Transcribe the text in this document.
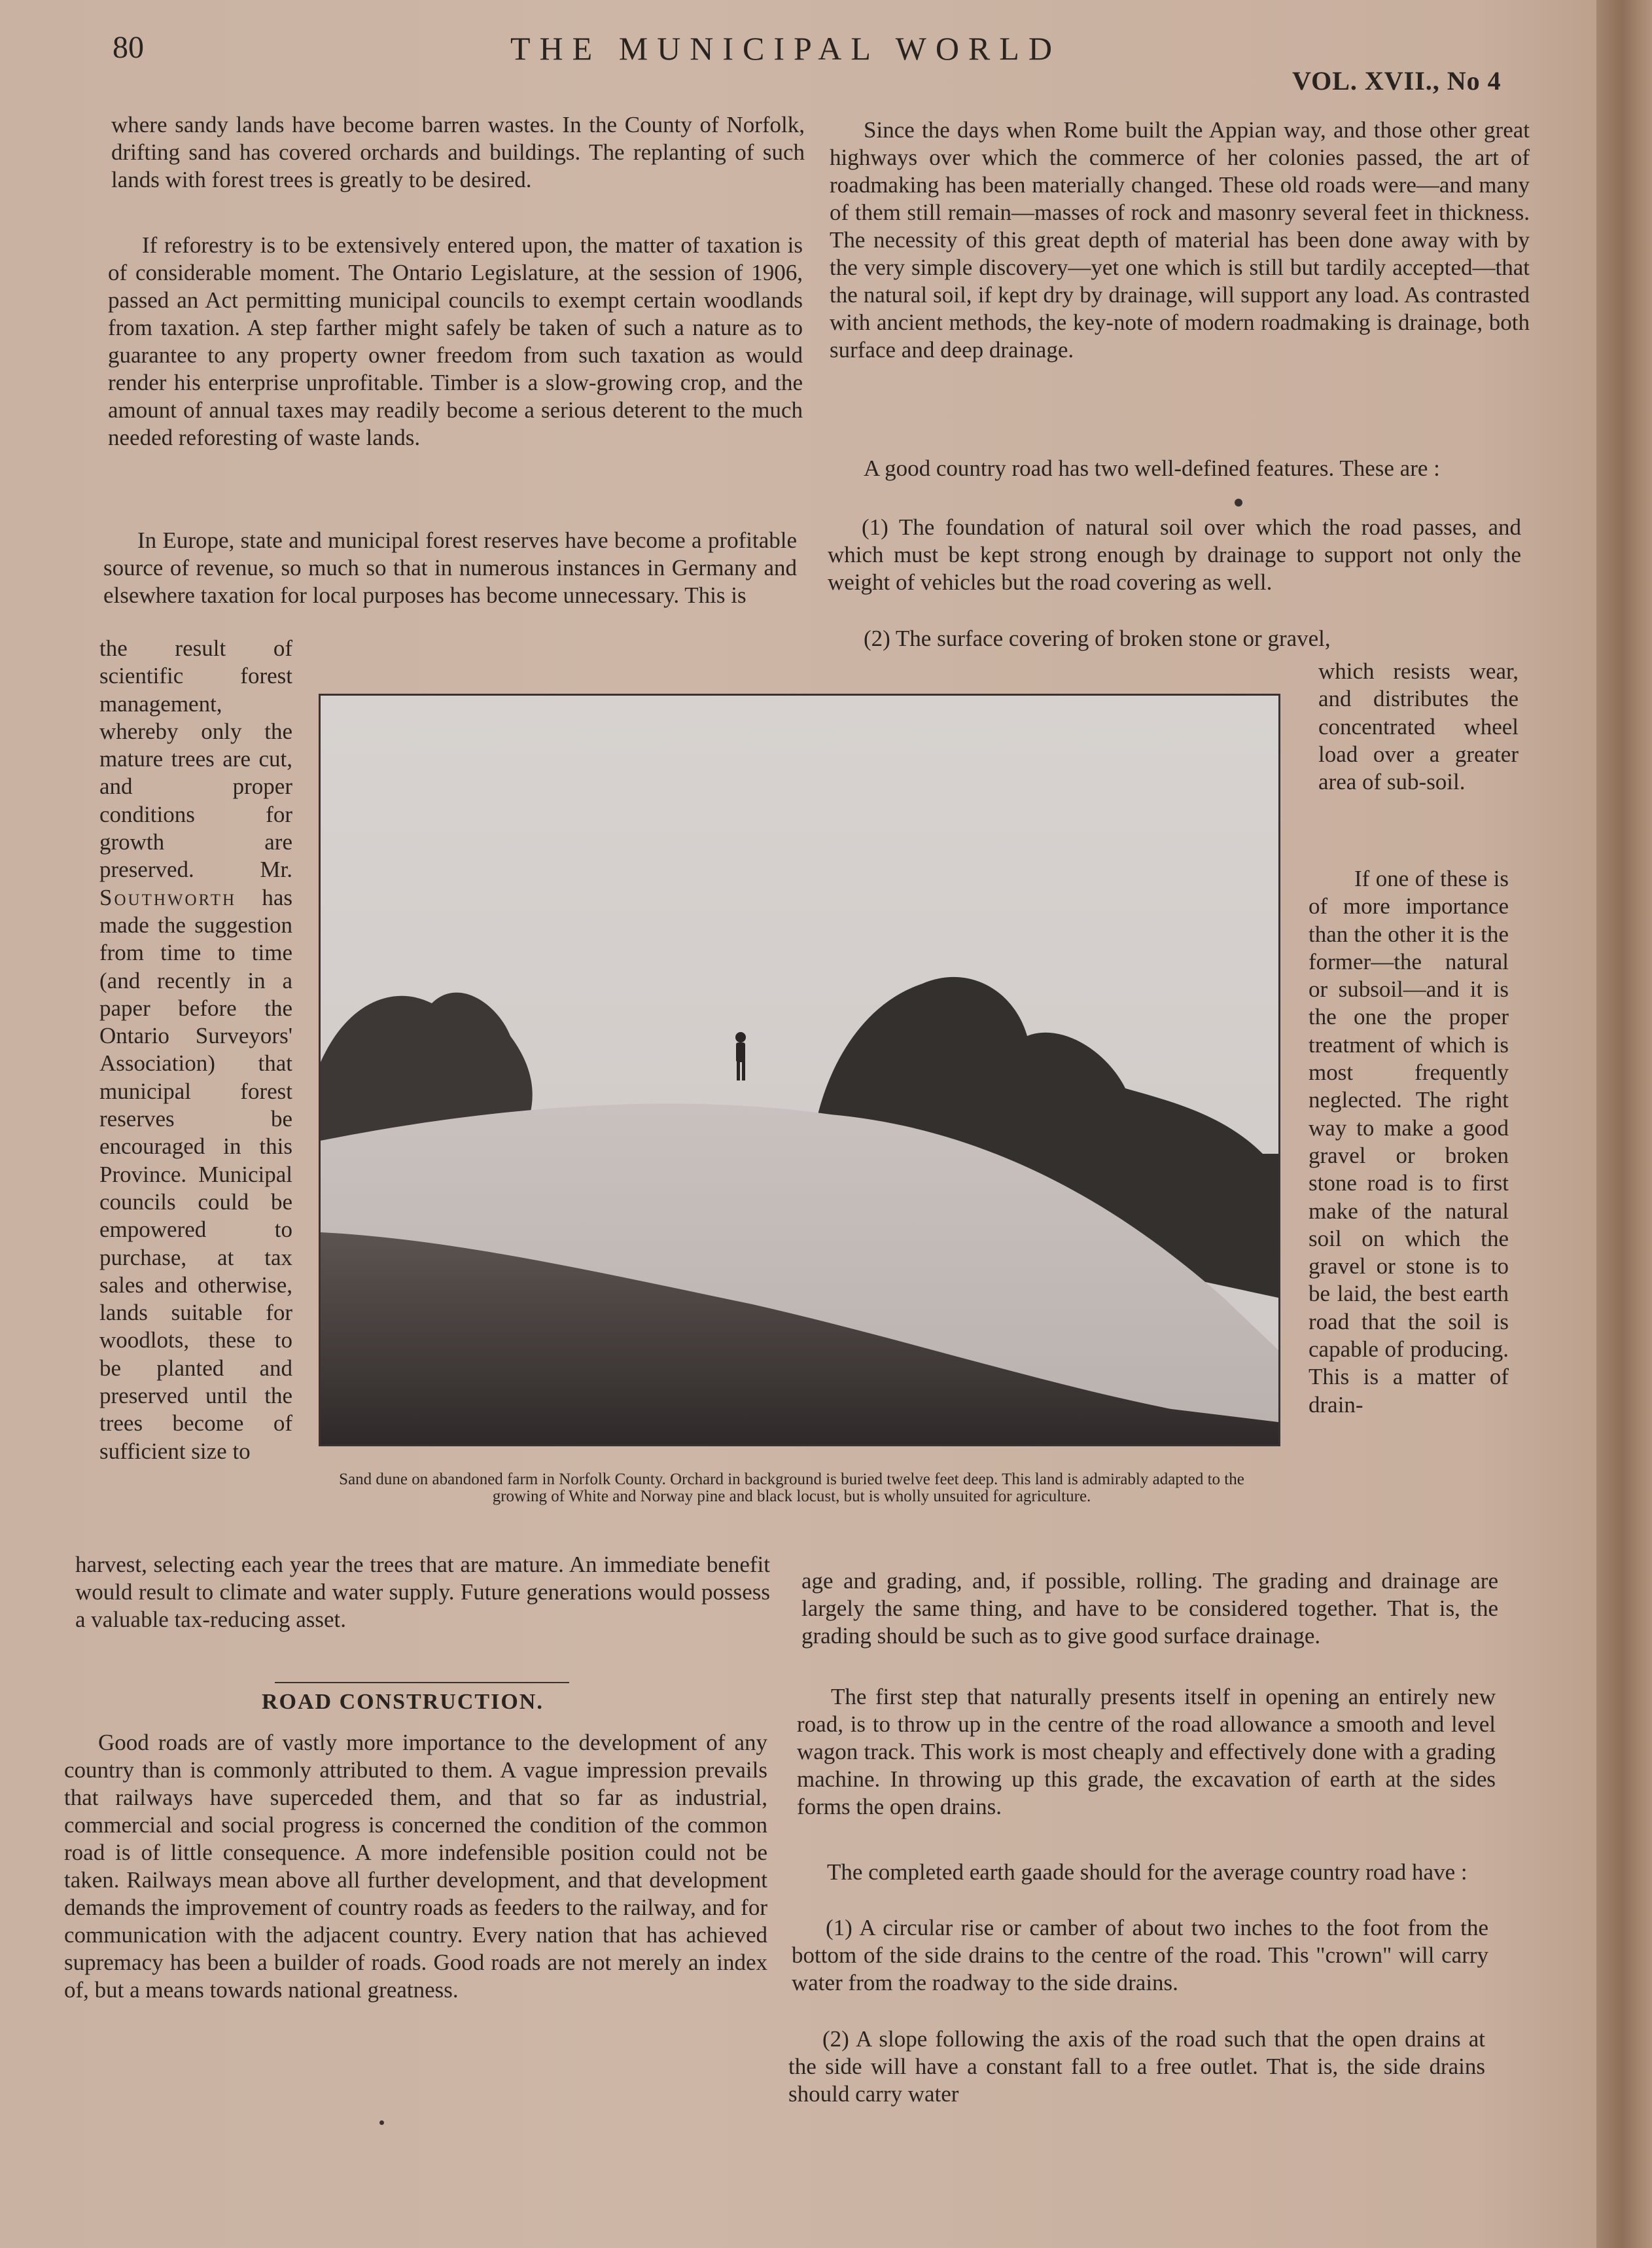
80	THE MUNICIPAL WORLD
VOL. XVII., No 4

where sandy lands have become barren wastes. In the County of Norfolk, drifting sand has covered orchards and buildings. The replanting of such lands with forest trees is greatly to be desired.

If reforestry is to be extensively entered upon, the matter of taxation is of considerable moment. The Ontario Legislature, at the session of 1906, passed an Act permitting municipal councils to exempt certain woodlands from taxation. A step farther might safely be taken of such a nature as to guarantee to any property owner freedom from such taxation as would render his enterprise unprofitable. Timber is a slow-growing crop, and the amount of annual taxes may readily become a serious deterent to the much needed reforesting of waste lands.

In Europe, state and municipal forest reserves have become a profitable source of revenue, so much so that in numerous instances in Germany and elsewhere taxation for local purposes has become unnecessary. This is

the result of scientific forest management, whereby only the mature trees are cut, and proper conditions for growth are preserved. Mr. Southworth has made the suggestion from time to time (and recently in a paper before the Ontario Surveyors' Association) that municipal forest reserves be encouraged in this Province. Municipal councils could be empowered to purchase, at tax sales and otherwise, lands suitable for woodlots, these to be planted and preserved until the trees become of sufficient size to

harvest, selecting each year the trees that are mature. An immediate benefit would result to climate and water supply. Future generations would possess a valuable tax-reducing asset.

ROAD CONSTRUCTION.

Good roads are of vastly more importance to the development of any country than is commonly attributed to them. A vague impression prevails that railways have superceded them, and that so far as industrial, commercial and social progress is concerned the condition of the common road is of little consequence. A more indefensible position could not be taken. Railways mean above all further development, and that development demands the improvement of country roads as feeders to the railway, and for communication with the adjacent country. Every nation that has achieved supremacy has been a builder of roads. Good roads are not merely an index of, but a means towards national greatness.

Since the days when Rome built the Appian way, and those other great highways over which the commerce of her colonies passed, the art of roadmaking has been materially changed. These old roads were—and many of them still remain—masses of rock and masonry several feet in thickness. The necessity of this great depth of material has been done away with by the very simple discovery—yet one which is still but tardily accepted—that the natural soil, if kept dry by drainage, will support any load. As contrasted with ancient methods, the key-note of modern roadmaking is drainage, both surface and deep drainage.

A good country road has two well-defined features. These are :

(1) The foundation of natural soil over which the road passes, and which must be kept strong enough by drainage to support not only the weight of vehicles but the road covering as well.

(2) The surface covering of broken stone or gravel,

which resists wear, and distributes the concentrated wheel load over a greater area of sub-soil.
If one of these is of more importance than the other it is the former—the natural or subsoil—and it is the one the proper treatment of which is most frequently neglected. The right way to make a good gravel or broken stone road is to first make of the natural soil on which the gravel or stone is to be laid, the best earth road that the soil is capable of producing. This is a matter of drain-

age and grading, and, if possible, rolling. The grading and drainage are largely the same thing, and have to be considered together. That is, the grading should be such as to give good surface drainage.

The first step that naturally presents itself in opening an entirely new road, is to throw up in the centre of the road allowance a smooth and level wagon track. This work is most cheaply and effectively done with a grading machine. In throwing up this grade, the excavation of earth at the sides forms the open drains.

The completed earth gaade should for the average country road have :

(1) A circular rise or camber of about two inches to the foot from the bottom of the side drains to the centre of the road. This "crown" will carry water from the roadway to the side drains.

(2) A slope following the axis of the road such that the open drains at the side will have a constant fall to a free outlet. That is, the side drains should carry water

Sand dune on abandoned farm in Norfolk County. Orchard in background is buried twelve feet deep. This land is admirably adapted to the growing of White and Norway pine and black locust, but is wholly unsuited for agriculture.
